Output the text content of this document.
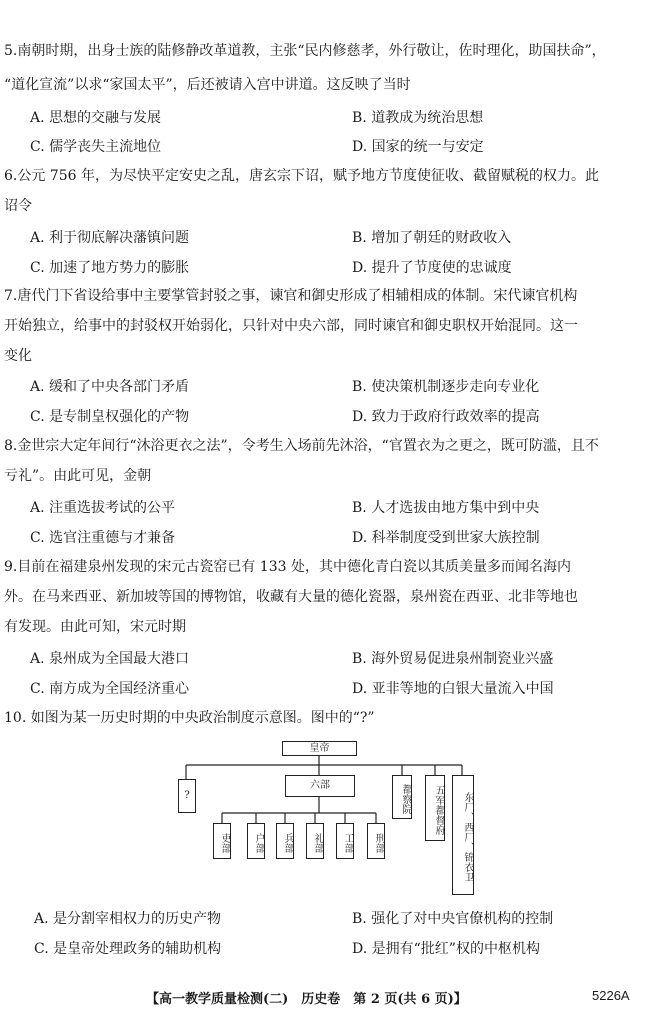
5.南朝时期，出身士族的陆修静改革道教，主张“民内修慈孝，外行敬让，佐时理化，助国扶命”，
“道化宣流”以求“家国太平”，后还被请入宫中讲道。这反映了当时
A. 思想的交融与发展	B. 道教成为统治思想
C. 儒学丧失主流地位	D. 国家的统一与安定
6.公元 756 年，为尽快平定安史之乱，唐玄宗下诏，赋予地方节度使征收、截留赋税的权力。此
诏令
A. 利于彻底解决藩镇问题	B. 增加了朝廷的财政收入
C. 加速了地方势力的膨胀	D. 提升了节度使的忠诚度
7.唐代门下省设给事中主要掌管封驳之事，谏官和御史形成了相辅相成的体制。宋代谏官机构
开始独立，给事中的封驳权开始弱化，只针对中央六部，同时谏官和御史职权开始混同。这一
变化
A. 缓和了中央各部门矛盾	B. 使决策机制逐步走向专业化
C. 是专制皇权强化的产物	D. 致力于政府行政效率的提高
8.金世宗大定年间行“沐浴更衣之法”，令考生入场前先沐浴，“官置衣为之更之，既可防滥，且不
亏礼”。由此可见，金朝
A. 注重选拔考试的公平	B. 人才选拔由地方集中到中央
C. 选官注重德与才兼备	D. 科举制度受到世家大族控制
9.目前在福建泉州发现的宋元古瓷窑已有 133 处，其中德化青白瓷以其质美量多而闻名海内
外。在马来西亚、新加坡等国的博物馆，收藏有大量的德化瓷器，泉州瓷在西亚、北非等地也
有发现。由此可知，宋元时期
A. 泉州成为全国最大港口	B. 海外贸易促进泉州制瓷业兴盛
C. 南方成为全国经济重心	D. 亚非等地的白银大量流入中国
10. 如图为某一历史时期的中央政治制度示意图。图中的“?”
皇帝
?
六部	都察院	五军都督府	东厂、西厂、锦衣卫
吏部	户部	兵部	礼部	工部	刑部
A. 是分割宰相权力的历史产物	B. 强化了对中央官僚机构的控制
C. 是皇帝处理政务的辅助机构	D. 是拥有“批红”权的中枢机构
【高一教学质量检测(二)　历史卷　第 2 页(共 6 页)】	5226A
